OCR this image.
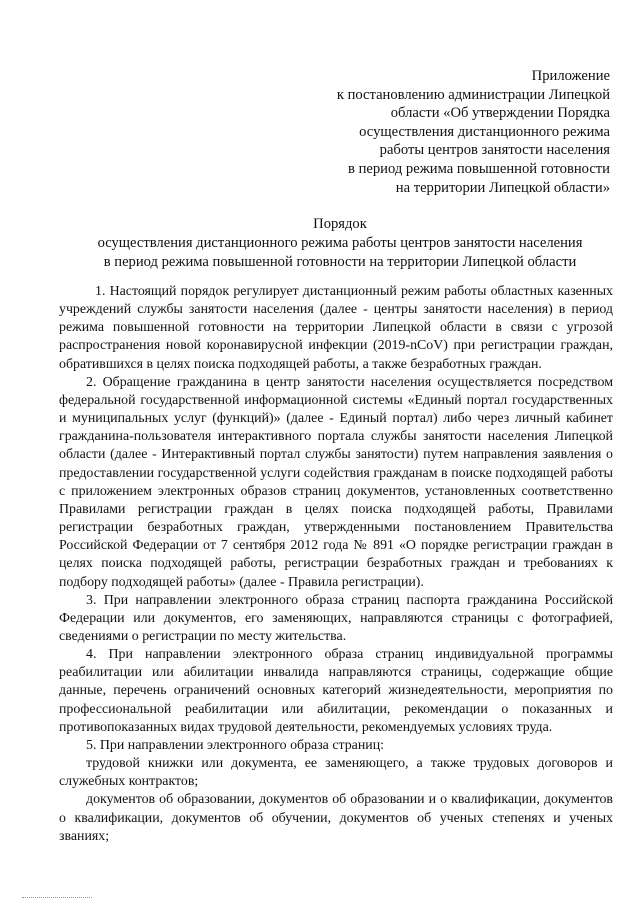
Приложение
к постановлению администрации Липецкой
области «Об утверждении Порядка
осуществления дистанционного режима
работы центров занятости населения
в период режима повышенной готовности
на территории Липецкой области»
Порядок
осуществления дистанционного режима работы центров занятости населения
в период режима повышенной готовности на территории Липецкой области

1. Настоящий порядок регулирует дистанционный режим работы областных казенных учреждений службы занятости населения (далее - центры занятости населения) в период режима повышенной готовности на территории Липецкой области в связи с угрозой распространения новой коронавирусной инфекции (2019-nCoV) при регистрации граждан, обратившихся в целях поиска подходящей работы, а также безработных граждан.

2. Обращение гражданина в центр занятости населения осуществляется посредством федеральной государственной информационной системы «Единый портал государственных и муниципальных услуг (функций)» (далее - Единый портал) либо через личный кабинет гражданина-пользователя интерактивного портала службы занятости населения Липецкой области (далее - Интерактивный портал службы занятости) путем направления заявления о предоставлении государственной услуги содействия гражданам в поиске подходящей работы с приложением электронных образов страниц документов, установленных соответственно Правилами регистрации граждан в целях поиска подходящей работы, Правилами регистрации безработных граждан, утвержденными постановлением Правительства Российской Федерации от 7 сентября 2012 года № 891 «О порядке регистрации граждан в целях поиска подходящей работы, регистрации безработных граждан и требованиях к подбору подходящей работы» (далее - Правила регистрации).

3. При направлении электронного образа страниц паспорта гражданина Российской Федерации или документов, его заменяющих, направляются страницы с фотографией, сведениями о регистрации по месту жительства.

4. При направлении электронного образа страниц индивидуальной программы реабилитации или абилитации инвалида направляются страницы, содержащие общие данные, перечень ограничений основных категорий жизнедеятельности, мероприятия по профессиональной реабилитации или абилитации, рекомендации о показанных и противопоказанных видах трудовой деятельности, рекомендуемых условиях труда.

5. При направлении электронного образа страниц:

трудовой книжки или документа, ее заменяющего, а также трудовых договоров и служебных контрактов;

документов об образовании, документов об образовании и о квалификации, документов о квалификации, документов об обучении, документов об ученых степенях и ученых званиях;
